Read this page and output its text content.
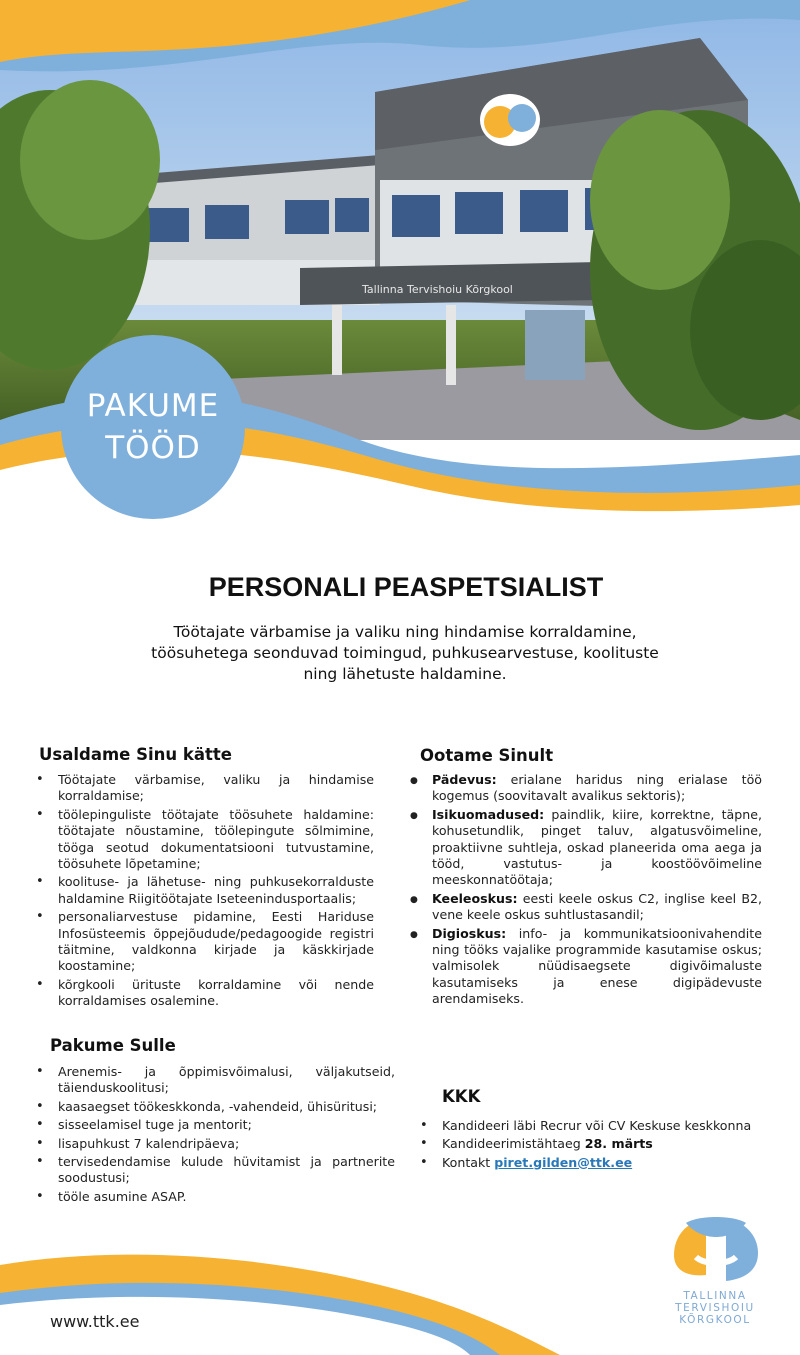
Tallinna Tervishoiu Kõrgkool
PAKUME
TÖÖD
PERSONALI PEASPETSIALIST
Töötajate värbamise ja valiku ning hindamise korraldamine, töösuhetega seonduvad toimingud, puhkusearvestuse, koolituste ning lähetuste haldamine.
Usaldame Sinu kätte
• Töötajate värbamise, valiku ja hindamise korraldamise;
• töölepinguliste töötajate töösuhete haldamine: töötajate nõustamine, töölepingute sõlmimine, tööga seotud dokumentatsiooni tutvustamine, töösuhete lõpetamine;
• koolituse- ja lähetuse- ning puhkusekorralduste haldamine Riigitöötajate Iseteenindusportaalis;
• personaliarvestuse pidamine, Eesti Hariduse Infosüsteemis õppejõudude/pedagoogide registri täitmine, valdkonna kirjade ja käskkirjade koostamine;
• kõrgkooli ürituste korraldamine või nende korraldamises osalemine.
Ootame Sinult
● Pädevus: erialane haridus ning erialase töö kogemus (soovitavalt avalikus sektoris);
● Isikuomadused: paindlik, kiire, korrektne, täpne, kohusetundlik, pinget taluv, algatusvõimeline, proaktiivne suhtleja, oskad planeerida oma aega ja tööd, vastutus- ja koostöövõimeline meeskonnatöötaja;
● Keeleoskus: eesti keele oskus C2, inglise keel B2, vene keele oskus suhtlustasandil;
● Digioskus: info- ja kommunikatsioonivahendite ning tööks vajalike programmide kasutamise oskus; valmisolek nüüdisaegsete digivõimaluste kasutamiseks ja enese digipädevuste arendamiseks.
Pakume Sulle
• Arenemis- ja õppimisvõimalusi, väljakutseid, täienduskoolitusi;
• kaasaegset töökeskkonda, -vahendeid, ühisüritusi;
• sisseelamisel tuge ja mentorit;
• lisapuhkust 7 kalendripäeva;
• tervisedendamise kulude hüvitamist ja partnerite soodustusi;
• tööle asumine ASAP.
KKK
• Kandideeri läbi Recrur või CV Keskuse keskkonna
• Kandideerimistähtaeg 28. märts
• Kontakt piret.gilden@ttk.ee
www.ttk.ee
TALLINNA
TERVISHOIU
KÕRGKOOL
